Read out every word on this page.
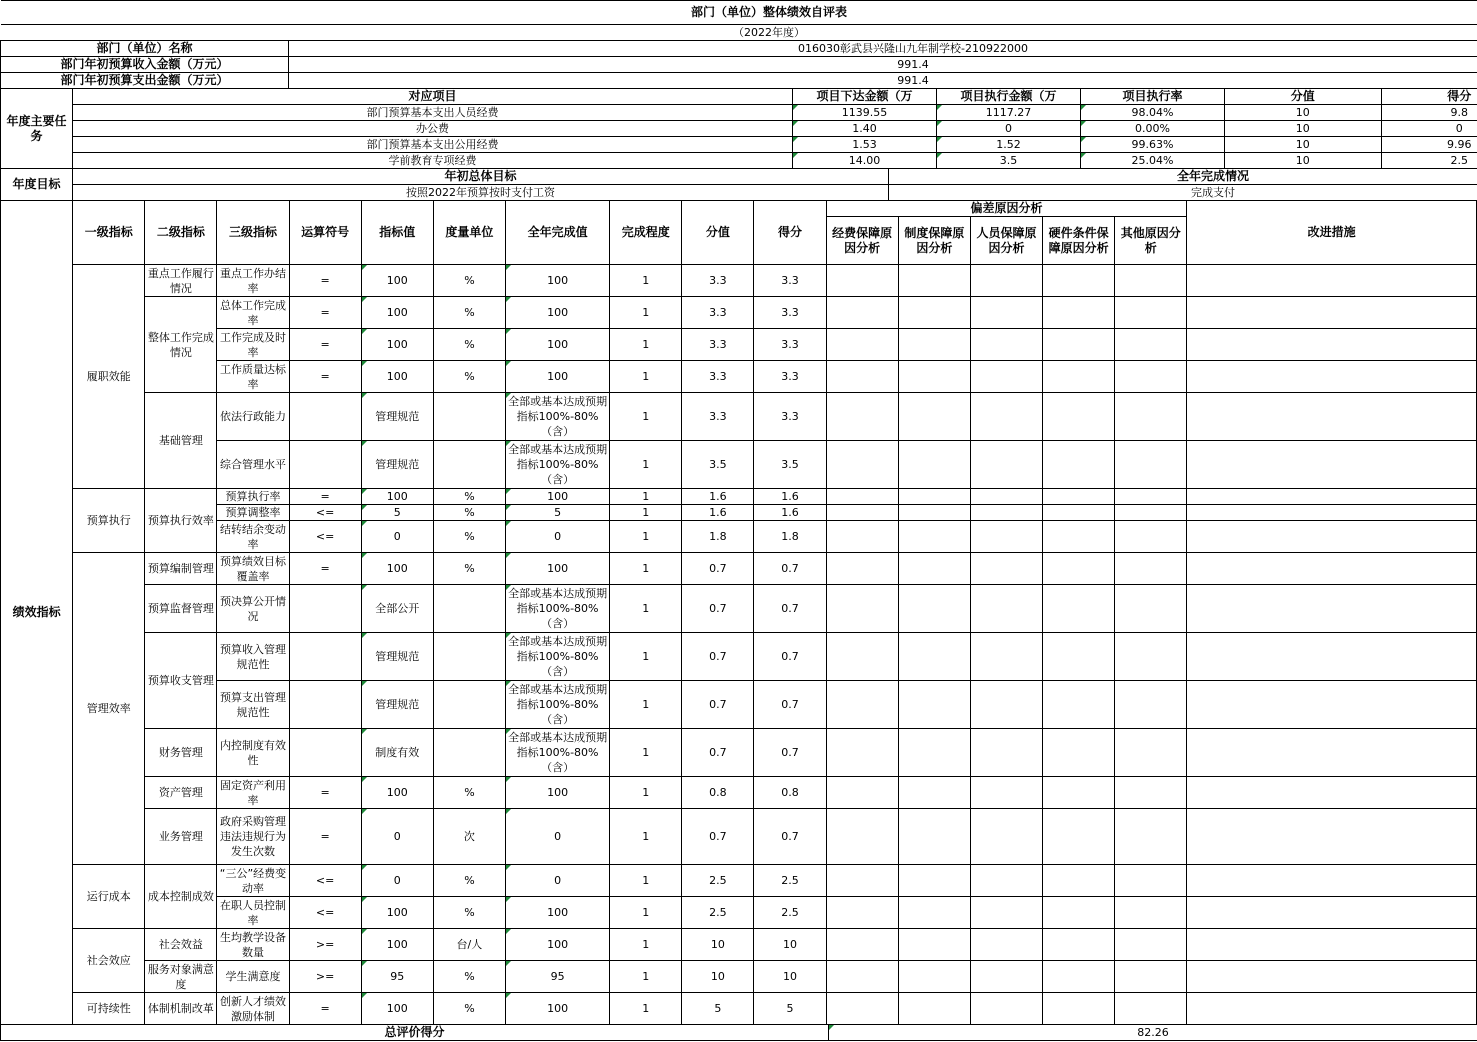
部门（单位）整体绩效自评表							
（2022年度）							
部门（单位）名称		016030彰武县兴隆山九年制学校-210922000					
部门年初预算收入金额（万元）		991.4					
部门年初预算支出金额（万元）		991.4					
年度主要任务	对应项目		项目下达金额（万		项目执行金额（万	项目执行率	分值 得分

	部门预算基本支出人员经费		1139.55		1117.27	98.04%	10 9.8

	办公费		1.40		0	0.00%	10 0

	部门预算基本支出公用经费		1.53		1.52	99.63%	10 9.96

	学前教育专项经费		14.00		3.5	25.04%	10 2.5

年度目标	年初总体目标			全年完成情况			
	按照2022年预算按时支付工资			完成支付			
绩效指标	一级指标	二级指标	三级指标	运算符号	指标值	度量单位	全年完成值	完成程度	分值	得分	偏差原因分析					改进措施
											经费保障原因分析	制度保障原因分析	人员保障原因分析	硬件条件保障原因分析	其他原因分析	
	履职效能	重点工作履行情况	重点工作办结率	=	100	%	100	1	3.3	3.3						
		整体工作完成情况	总体工作完成率	=	100	%	100	1	3.3	3.3						
			工作完成及时率	=	100	%	100	1	3.3	3.3						
			工作质量达标率	=	100	%	100	1	3.3	3.3						
		基础管理	依法行政能力		管理规范		全部或基本达成预期指标100%-80%（含）	1	3.3	3.3						
			综合管理水平		管理规范		全部或基本达成预期指标100%-80%（含）	1	3.5	3.5						
	预算执行	预算执行效率	预算执行率	=	100	%	100	1	1.6	1.6						
			预算调整率	<=	5	%	5	1	1.6	1.6						
			结转结余变动率	<=	0	%	0	1	1.8	1.8						
	管理效率	预算编制管理	预算绩效目标覆盖率	=	100	%	100	1	0.7	0.7						
		预算监督管理	预决算公开情况		全部公开		全部或基本达成预期指标100%-80%（含）	1	0.7	0.7						
		预算收支管理	预算收入管理规范性		管理规范		全部或基本达成预期指标100%-80%（含）	1	0.7	0.7						
			预算支出管理规范性		管理规范		全部或基本达成预期指标100%-80%（含）	1	0.7	0.7						
		财务管理	内控制度有效性		制度有效		全部或基本达成预期指标100%-80%（含）	1	0.7	0.7						
		资产管理	固定资产利用率	=	100	%	100	1	0.8	0.8						
		业务管理	政府采购管理违法违规行为发生次数	=	0	次	0	1	0.7	0.7						
	运行成本	成本控制成效	“三公”经费变动率	<=	0	%	0	1	2.5	2.5						
			在职人员控制率	<=	100	%	100	1	2.5	2.5						
	社会效应	社会效益	生均教学设备数量	>=	100	台/人	100	1	10	10						
		服务对象满意度	学生满意度	>=	95	%	95	1	10	10						
	可持续性	体制机制改革	创新人才绩效激励体制	=	100	%	100	1	5	5						
总评价得分	82.26
